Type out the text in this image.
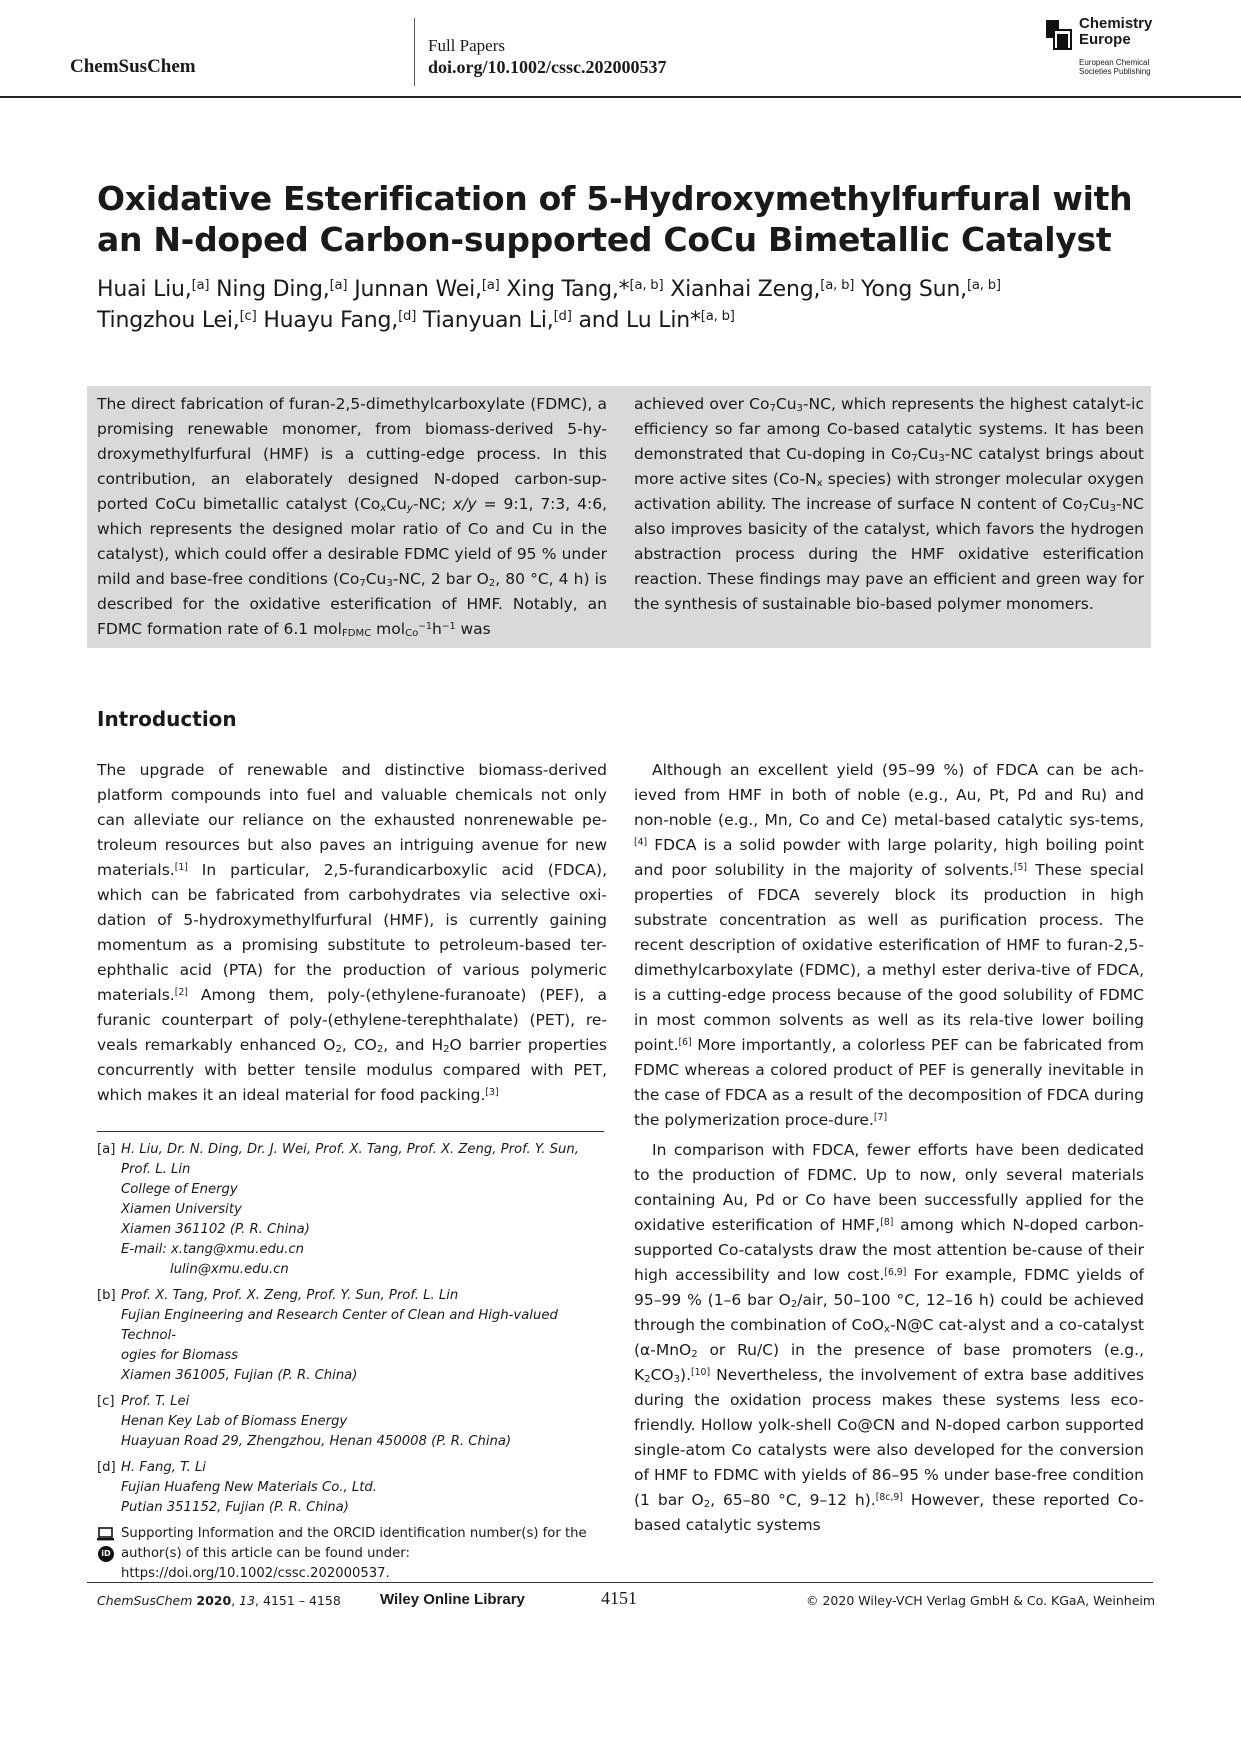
ChemSusChem
Full Papers
doi.org/10.1002/cssc.202000537
Chemistry
Europe
European Chemical
Societies Publishing
Oxidative Esterification of 5-Hydroxymethylfurfural with
an N-doped Carbon-supported CoCu Bimetallic Catalyst
Huai Liu,[a] Ning Ding,[a] Junnan Wei,[a] Xing Tang,*[a, b] Xianhai Zeng,[a, b] Yong Sun,[a, b]
Tingzhou Lei,[c] Huayu Fang,[d] Tianyuan Li,[d] and Lu Lin*[a, b]
The direct fabrication of furan-2,5-dimethylcarboxylate (FDMC), a promising renewable monomer, from biomass-derived 5-hy-droxymethylfurfural (HMF) is a cutting-edge process. In this contribution, an elaborately designed N-doped carbon-sup-ported CoCu bimetallic catalyst ($Co_xCu_y-NC$; x/y = 9:1, 7:3, 4:6, which represents the designed molar ratio of Co and Cu in the catalyst), which could offer a desirable FDMC yield of 95 % under mild and base-free conditions ($Co_7Cu_3-NC$, 2 bar $O_2$, 80 °C, 4 h) is described for the oxidative esterification of HMF. Notably, an FDMC formation rate of 6.1 mol$_{FDMC}$ $mol_{Co}^{-1}h^{-1}$ was
achieved over $Co_7Cu_3-NC$, which represents the highest catalyt-ic efficiency so far among Co-based catalytic systems. It has been demonstrated that Cu-doping in $Co_7Cu_3-NC$ catalyst brings about more active sites ($Co-N_x$ species) with stronger molecular oxygen activation ability. The increase of surface N content of $Co_7Cu_3-NC$ also improves basicity of the catalyst, which favors the hydrogen abstraction process during the HMF oxidative esterification reaction. These findings may pave an efficient and green way for the synthesis of sustainable bio-based polymer monomers.
Introduction

The upgrade of renewable and distinctive biomass-derived platform compounds into fuel and valuable chemicals not only can alleviate our reliance on the exhausted nonrenewable pe-troleum resources but also paves an intriguing avenue for new materials.[1] In particular, 2,5-furandicarboxylic acid (FDCA), which can be fabricated from carbohydrates via selective oxi-dation of 5-hydroxymethylfurfural (HMF), is currently gaining momentum as a promising substitute to petroleum-based ter-ephthalic acid (PTA) for the production of various polymeric materials.[2] Among them, poly-(ethylene-furanoate) (PEF), a furanic counterpart of poly-(ethylene-terephthalate) (PET), re-veals remarkably enhanced $O_2$, $CO_2$, and $H_2O$ barrier properties concurrently with better tensile modulus compared with PET, which makes it an ideal material for food packing.[3]

Although an excellent yield (95–99 %) of FDCA can be ach-ieved from HMF in both of noble (e.g., Au, Pt, Pd and Ru) and non-noble (e.g., Mn, Co and Ce) metal-based catalytic sys-tems,[4] FDCA is a solid powder with large polarity, high boiling point and poor solubility in the majority of solvents.[5] These special properties of FDCA severely block its production in high substrate concentration as well as purification process. The recent description of oxidative esterification of HMF to furan-2,5-dimethylcarboxylate (FDMC), a methyl ester deriva-tive of FDCA, is a cutting-edge process because of the good solubility of FDMC in most common solvents as well as its rela-tive lower boiling point.[6] More importantly, a colorless PEF can be fabricated from FDMC whereas a colored product of PEF is generally inevitable in the case of FDCA as a result of the decomposition of FDCA during the polymerization proce-dure.[7]

In comparison with FDCA, fewer efforts have been dedicated to the production of FDMC. Up to now, only several materials containing Au, Pd or Co have been successfully applied for the oxidative esterification of HMF,[8] among which N-doped carbon-supported Co-catalysts draw the most attention be-cause of their high accessibility and low cost.[6,9] For example, FDMC yields of 95–99 % (1–6 bar $O_2$/air, 50–100 °C, 12–16 h) could be achieved through the combination of CoO$_x$-N@C cat-alyst and a co-catalyst (α-MnO$_2$ or Ru/C) in the presence of base promoters (e.g., $K_2CO_3).[10]$ Nevertheless, the involvement of extra base additives during the oxidation process makes these systems less eco-friendly. Hollow yolk-shell Co@CN and N-doped carbon supported single-atom Co catalysts were also developed for the conversion of HMF to FDMC with yields of 86–95 % under base-free condition (1 bar $O_2$, 65–80 °C, 9–12 h).[8c,9] However, these reported Co-based catalytic systems

[a] H. Liu, Dr. N. Ding, Dr. J. Wei, Prof. X. Tang, Prof. X. Zeng, Prof. Y. Sun,
Prof. L. Lin
College of Energy
Xiamen University
Xiamen 361102 (P. R. China)
E-mail: x.tang@xmu.edu.cn
lulin@xmu.edu.cn
[b] Prof. X. Tang, Prof. X. Zeng, Prof. Y. Sun, Prof. L. Lin
Fujian Engineering and Research Center of Clean and High-valued Technol-
ogies for Biomass
Xiamen 361005, Fujian (P. R. China)
[c] Prof. T. Lei
Henan Key Lab of Biomass Energy
Huayuan Road 29, Zhengzhou, Henan 450008 (P. R. China)
[d] H. Fang, T. Li
Fujian Huafeng New Materials Co., Ltd.
Putian 351152, Fujian (P. R. China)
iD
Supporting Information and the ORCID identification number(s) for the
author(s) of this article can be found under:
https://doi.org/10.1002/cssc.202000537.
ChemSusChem 2020, 13, 4151 – 4158	Wiley Online Library	4151	© 2020 Wiley-VCH Verlag GmbH & Co. KGaA, Weinheim
